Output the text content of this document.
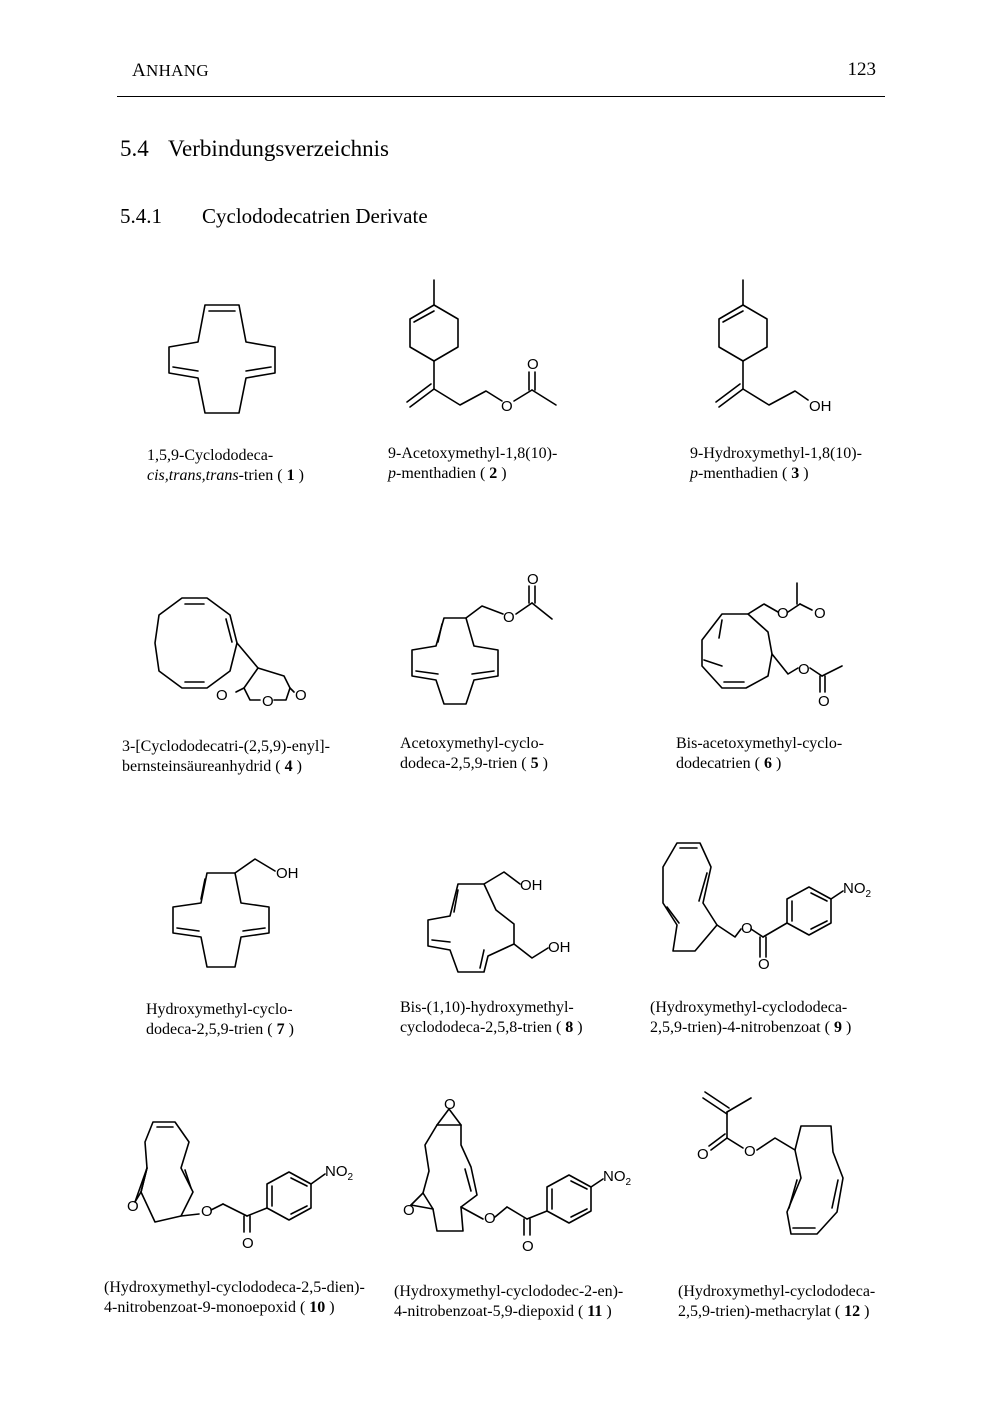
ANHANG	123
5.4 Verbindungsverzeichnis
5.4.1 Cyclododecatrien Derivate
O
O
OH
O O O
O
O
O O
O
O
OH
OH
OH
O
O
$NO_2$
O	O
O
$NO_2$
O
O	O
O
$NO_2$
O O
1,5,9-Cyclododeca-
cis,trans,trans-trien ( 1 )
9-Acetoxymethyl-1,8(10)-
p-menthadien ( 2 )
9-Hydroxymethyl-1,8(10)-
p-menthadien ( 3 )
3-[Cyclododecatri-(2,5,9)-enyl]-
bernsteinsäureanhydrid ( 4 )
Acetoxymethyl-cyclo-
dodeca-2,5,9-trien ( 5 )
Bis-acetoxymethyl-cyclo-
dodecatrien ( 6 )
Hydroxymethyl-cyclo-
dodeca-2,5,9-trien ( 7 )
Bis-(1,10)-hydroxymethyl-
cyclododeca-2,5,8-trien ( 8 )
(Hydroxymethyl-cyclododeca-
2,5,9-trien)-4-nitrobenzoat ( 9 )
(Hydroxymethyl-cyclododeca-2,5-dien)-
4-nitrobenzoat-9-monoepoxid ( 10 )
(Hydroxymethyl-cyclododec-2-en)-
4-nitrobenzoat-5,9-diepoxid ( 11 )
(Hydroxymethyl-cyclododeca-
2,5,9-trien)-methacrylat ( 12 )
